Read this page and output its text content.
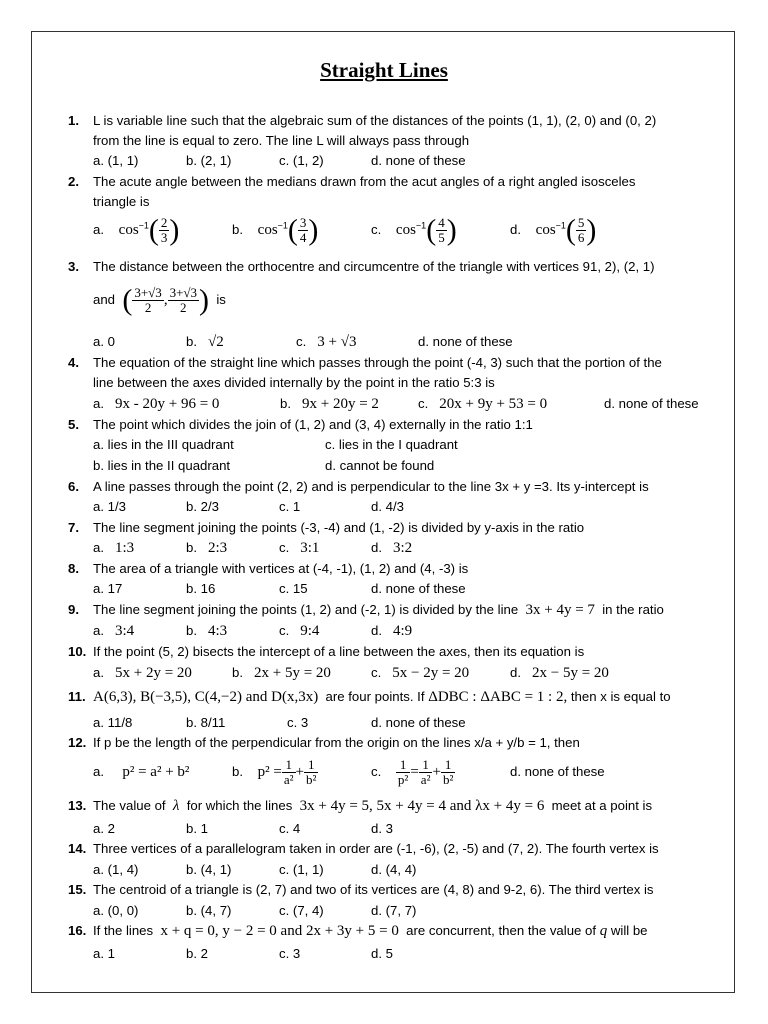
Straight Lines
1. L is variable line such that the algebraic sum of the distances of the points (1, 1), (2, 0) and (0, 2)
from the line is equal to zero. The line L will always pass through
a. (1, 1)	b. (2, 1)	c. (1, 2)	d. none of these
2. The acute angle between the medians drawn from the acut angles of a right angled isosceles
triangle is
a. $\cos^{-1}( \frac{2}{3}$ )	b. $\cos^{-1}( \frac{3}{4}$ )	c. $\cos^{-1}( \frac{4}{5}$ )	d. $\cos^{-1}( \frac{5}{6}$ )
3. The distance between the orthocentre and circumcentre of the triangle with vertices 91, 2), (2, 1)
and ( $\frac{3+√3}{2}$ , $\frac{3+√3}{2}$ ) is
a. 0	b. √2	c. 3 + √3	d. none of these
4. The equation of the straight line which passes through the point (-4, 3) such that the portion of the
line between the axes divided internally by the point in the ratio 5:3 is
a. 9x - 20y + 96 = 0	b. 9x + 20y = 2	c. 20x + 9y + 53 = 0	d. none of these
5. The point which divides the join of (1, 2) and (3, 4) externally in the ratio 1:1
a. lies in the III quadrant	c. lies in the I quadrant
b. lies in the II quadrant	d. cannot be found
6. A line passes through the point (2, 2) and is perpendicular to the line 3x + y =3. Its y-intercept is
a. 1/3	b. 2/3	c. 1	d. 4/3
7. The line segment joining the points (-3, -4) and (1, -2) is divided by y-axis in the ratio
a. 1:3	b. 2:3	c. 3:1	d. 3:2
8. The area of a triangle with vertices at (-4, -1), (1, 2) and (4, -3) is
a. 17	b. 16	c. 15	d. none of these
9. The line segment joining the points (1, 2) and (-2, 1) is divided by the line 3x + 4y = 7 in the ratio
a. 3:4	b. 4:3	c. 9:4	d. 4:9
10. If the point (5, 2) bisects the intercept of a line between the axes, then its equation is
a. 5x + 2y = 20	b. 2x + 5y = 20	c. 5x − 2y = 20	d. 2x − 5y = 20
11. A(6,3), B(−3,5), C(4,−2) and D(x,3x) are four points. If ΔDBC : ΔABC = 1 : 2, then x is equal to
a. 11/8	b. 8/11	c. 3	d. none of these
12. If p be the length of the perpendicular from the origin on the lines x/a + y/b = 1, then
a. p² = a² + b²	b. $p^2 = \frac{1}{\text{a²}} + \frac{1}{\text{b²}}$	c. $\frac{1}{\text{p²}} = \frac{1}{\text{a²}} + \frac{1}{\text{b²}}$	d. none of these
13. The value of λ for which the lines 3x + 4y = 5, 5x + 4y = 4 and λx + 4y = 6 meet at a point is
a. 2	b. 1	c. 4	d. 3
14. Three vertices of a parallelogram taken in order are (-1, -6), (2, -5) and (7, 2). The fourth vertex is
a. (1, 4)	b. (4, 1)	c. (1, 1)	d. (4, 4)
15. The centroid of a triangle is (2, 7) and two of its vertices are (4, 8) and 9-2, 6). The third vertex is
a. (0, 0)	b. (4, 7)	c. (7, 4)	d. (7, 7)
16. If the lines x + q = 0, y − 2 = 0 and 2x + 3y + 5 = 0 are concurrent, then the value of q will be
a. 1	b. 2	c. 3	d. 5
